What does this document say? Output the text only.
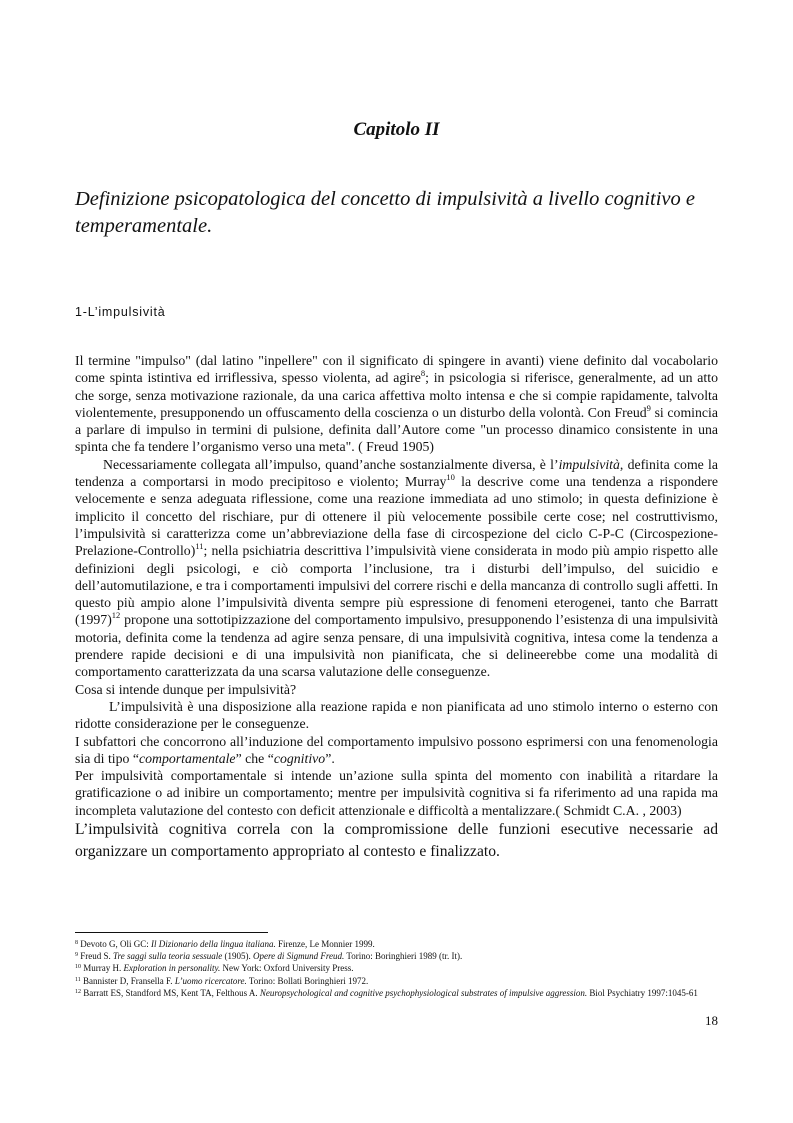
Capitolo II
Definizione psicopatologica del concetto di impulsività a livello cognitivo e temperamentale.
1-L’impulsività

Il termine "impulso" (dal latino "inpellere" con il significato di spingere in avanti) viene definito dal vocabolario come spinta istintiva ed irriflessiva, spesso violenta, ad agire$^8$; in psicologia si riferisce, generalmente, ad un atto che sorge, senza motivazione razionale, da una carica affettiva molto intensa e che si compie rapidamente, talvolta violentemente, presupponendo un offuscamento della coscienza o un disturbo della volontà. Con Freud$^9$ si comincia a parlare di impulso in termini di pulsione, definita dall’Autore come "un processo dinamico consistente in una spinta che fa tendere l’organismo verso una meta". ( Freud 1905)

Necessariamente collegata all’impulso, quand’anche sostanzialmente diversa, è l’impulsività, definita come la tendenza a comportarsi in modo precipitoso e violento; Murray$^{10}$ la descrive come una tendenza a rispondere velocemente e senza adeguata riflessione, come una reazione immediata ad uno stimolo; in questa definizione è implicito il concetto del rischiare, pur di ottenere il più velocemente possibile certe cose; nel costruttivismo, l’impulsività si caratterizza come un’abbreviazione della fase di circospezione del ciclo C-P-C (Circospezione-Prelazione-Controllo)$^{11}$; nella psichiatria descrittiva l’impulsività viene considerata in modo più ampio rispetto alle definizioni degli psicologi, e ciò comporta l’inclusione, tra i disturbi dell’impulso, del suicidio e dell’automutilazione, e tra i comportamenti impulsivi del correre rischi e della mancanza di controllo sugli affetti. In questo più ampio alone l’impulsività diventa sempre più espressione di fenomeni eterogenei, tanto che Barratt $(1997)^{12}$ propone una sottotipizzazione del comportamento impulsivo, presupponendo l’esistenza di una impulsività motoria, definita come la tendenza ad agire senza pensare, di una impulsività cognitiva, intesa come la tendenza a prendere rapide decisioni e di una impulsività non pianificata, che si delineerebbe come una modalità di comportamento caratterizzata da una scarsa valutazione delle conseguenze.

Cosa si intende dunque per impulsività?

L’impulsività è una disposizione alla reazione rapida e non pianificata ad uno stimolo interno o esterno con ridotte considerazione per le conseguenze.

I subfattori che concorrono all’induzione del comportamento impulsivo possono esprimersi con una fenomenologia sia di tipo “comportamentale” che “cognitivo”.

Per impulsività comportamentale si intende un’azione sulla spinta del momento con inabilità a ritardare la gratificazione o ad inibire un comportamento; mentre per impulsività cognitiva si fa riferimento ad una rapida ma incompleta valutazione del contesto con deficit attenzionale e difficoltà a mentalizzare.( Schmidt C.A. , 2003)

L’impulsività cognitiva correla con la compromissione delle funzioni esecutive necessarie ad organizzare un comportamento appropriato al contesto e finalizzato.

$^8$ Devoto G, Oli GC: Il Dizionario della lingua italiana. Firenze, Le Monnier 1999.

$^9$ Freud S. Tre saggi sulla teoria sessuale (1905). Opere di Sigmund Freud. Torino: Boringhieri 1989 (tr. It).

$^{10}$ Murray H. Exploration in personality. New York: Oxford University Press.

$^{11}$ Bannister D, Fransella F. L’uomo ricercatore. Torino: Bollati Boringhieri 1972.

$^{12}$ Barratt ES, Standford MS, Kent TA, Felthous A. Neuropsychological and cognitive psychophysiological substrates of impulsive aggression. Biol Psychiatry 1997:1045-61

18
